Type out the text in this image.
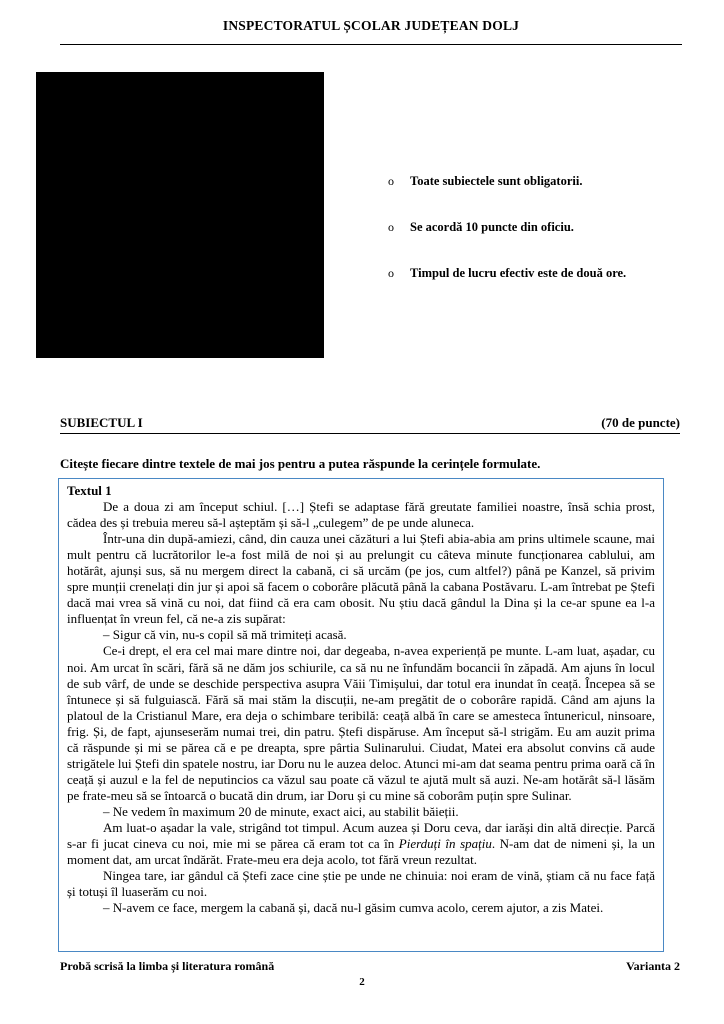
INSPECTORATUL ȘCOLAR JUDEȚEAN DOLJ
o	Toate subiectele sunt obligatorii.
o	Se acordă 10 puncte din oficiu.
o	Timpul de lucru efectiv este de două ore.
SUBIECTUL I	(70 de puncte)
Citește fiecare dintre textele de mai jos pentru a putea răspunde la cerințele formulate.
Textul 1

De a doua zi am început schiul. […] Ștefi se adaptase fără greutate familiei noastre, însă schia prost, cădea des și trebuia mereu să-l așteptăm și să-l „culegem” de pe unde aluneca.

Într-una din după-amiezi, când, din cauza unei căzături a lui Ștefi abia-abia am prins ultimele scaune, mai mult pentru că lucrătorilor le-a fost milă de noi și au prelungit cu câteva minute funcționarea cablului, am hotărât, ajunși sus, să nu mergem direct la cabană, ci să urcăm (pe jos, cum altfel?) până pe Kanzel, să privim spre munții crenelați din jur și apoi să facem o coborâre plăcută până la cabana Postăvaru. L-am întrebat pe Ștefi dacă mai vrea să vină cu noi, dat fiind că era cam obosit. Nu știu dacă gândul la Dina și la ce-ar spune ea l-a influențat în vreun fel, că ne-a zis supărat:

– Sigur că vin, nu-s copil să mă trimiteți acasă.

Ce-i drept, el era cel mai mare dintre noi, dar degeaba, n-avea experiență pe munte. L-am luat, așadar, cu noi. Am urcat în scări, fără să ne dăm jos schiurile, ca să nu ne înfundăm bocancii în zăpadă. Am ajuns în locul de sub vârf, de unde se deschide perspectiva asupra Văii Timișului, dar totul era inundat în ceață. Începea să se întunece și să fulguiască. Fără să mai stăm la discuții, ne-am pregătit de o coborâre rapidă. Când am ajuns la platoul de la Cristianul Mare, era deja o schimbare teribilă: ceață albă în care se amesteca întunericul, ninsoare, frig. Și, de fapt, ajunseserăm numai trei, din patru. Ștefi dispăruse. Am început să-l strigăm. Eu am auzit prima că răspunde și mi se părea că e pe dreapta, spre pârtia Sulinarului. Ciudat, Matei era absolut convins că aude strigătele lui Ștefi din spatele nostru, iar Doru nu le auzea deloc. Atunci mi-am dat seama pentru prima oară că în ceață și auzul e la fel de neputincios ca văzul sau poate că văzul te ajută mult să auzi. Ne-am hotărât să-l lăsăm pe frate-meu să se întoarcă o bucată din drum, iar Doru și cu mine să coborâm puțin spre Sulinar.

– Ne vedem în maximum 20 de minute, exact aici, au stabilit băieții.

Am luat-o așadar la vale, strigând tot timpul. Acum auzea și Doru ceva, dar iarăși din altă direcție. Parcă s-ar fi jucat cineva cu noi, mie mi se părea că eram tot ca în Pierduți în spațiu. N-am dat de nimeni și, la un moment dat, am urcat îndărăt. Frate-meu era deja acolo, tot fără vreun rezultat.

Ningea tare, iar gândul că Ștefi zace cine știe pe unde ne chinuia: noi eram de vină, știam că nu face față și totuși îl luaserăm cu noi.

– N-avem ce face, mergem la cabană și, dacă nu-l găsim cumva acolo, cerem ajutor, a zis Matei.

Probă scrisă la limba și literatura română	Varianta 2
2
